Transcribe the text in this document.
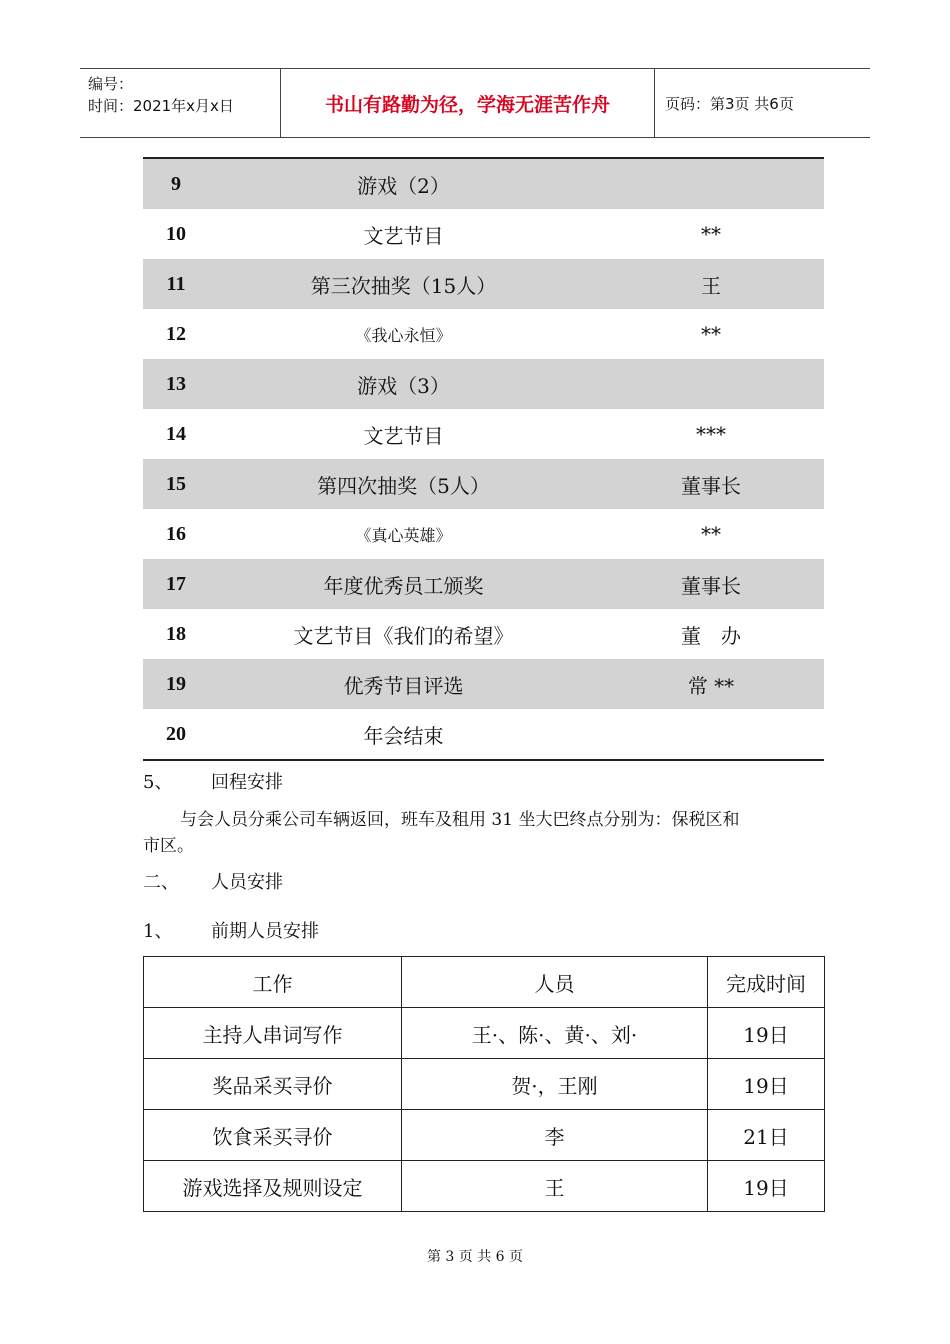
编号：
时间：2021年x月x日	书山有路勤为径，学海无涯苦作舟	页码：第3页 共6页
9	游戏（2）
10	文艺节目	**
11	第三次抽奖（15人）	王
12	《我心永恒》	**
13	游戏（3）
14	文艺节目	***
15	第四次抽奖（5人）	董事长
16	《真心英雄》	**
17	年度优秀员工颁奖	董事长
18	文艺节目《我们的希望》	董　办
19	优秀节目评选	常 **
20	年会结束
5、 回程安排
与会人员分乘公司车辆返回，班车及租用 31 坐大巴终点分别为：保税区和
市区。
二、 人员安排
1、 前期人员安排
工作	人员	完成时间
主持人串词写作	王·、陈·、黄·、刘·	19日
奖品采买寻价	贺·，王刚	19日
饮食采买寻价	李	21日
游戏选择及规则设定	王	19日
第 3 页 共 6 页
